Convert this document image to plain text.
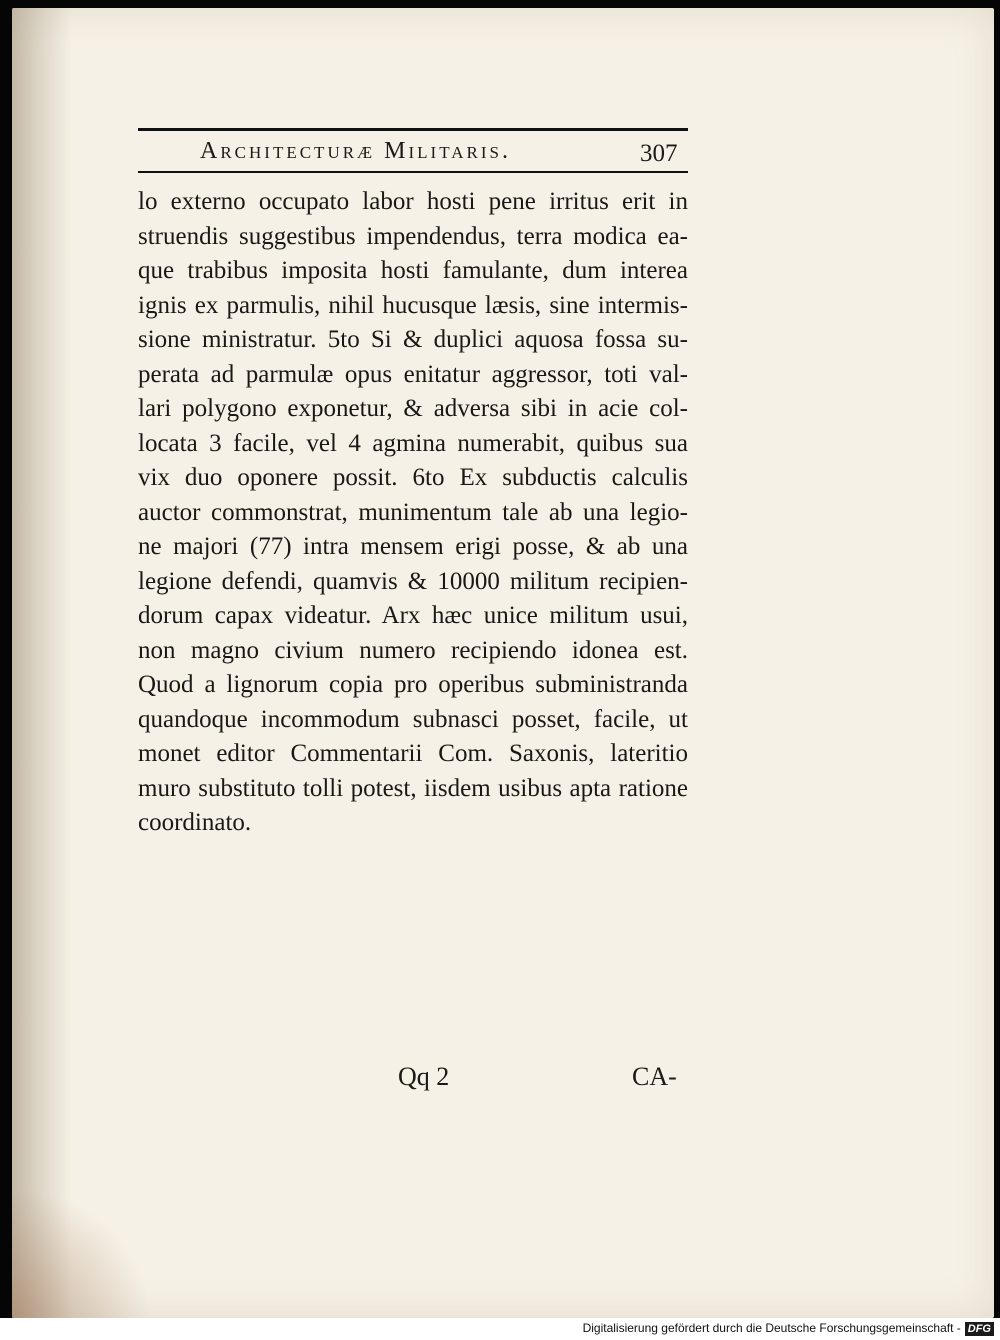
Architecturæ Militaris.	307
lo externo occupato labor hosti pene irritus erit in
struendis suggestibus impendendus, terra modica ea-
que trabibus imposita hosti famulante, dum interea
ignis ex parmulis, nihil hucusque læsis, sine intermis-
sione ministratur. 5to Si & duplici aquosa fossa su-
perata ad parmulæ opus enitatur aggressor, toti val-
lari polygono exponetur, & adversa sibi in acie col-
locata 3 facile, vel 4 agmina numerabit, quibus sua
vix duo oponere possit. 6to Ex subductis calculis
auctor commonstrat, munimentum tale ab una legio-
ne majori (77) intra mensem erigi posse, & ab una
legione defendi, quamvis & 10000 militum recipien-
dorum capax videatur. Arx hæc unice militum usui,
non magno civium numero recipiendo idonea est.
Quod a lignorum copia pro operibus subministranda
quandoque incommodum subnasci posset, facile, ut
monet editor Commentarii Com. Saxonis, lateritio
muro substituto tolli potest, iisdem usibus apta ratione
coordinato.
Qq 2	CA-
Digitalisierung gefördert durch die Deutsche Forschungsgemeinschaft - DFG
